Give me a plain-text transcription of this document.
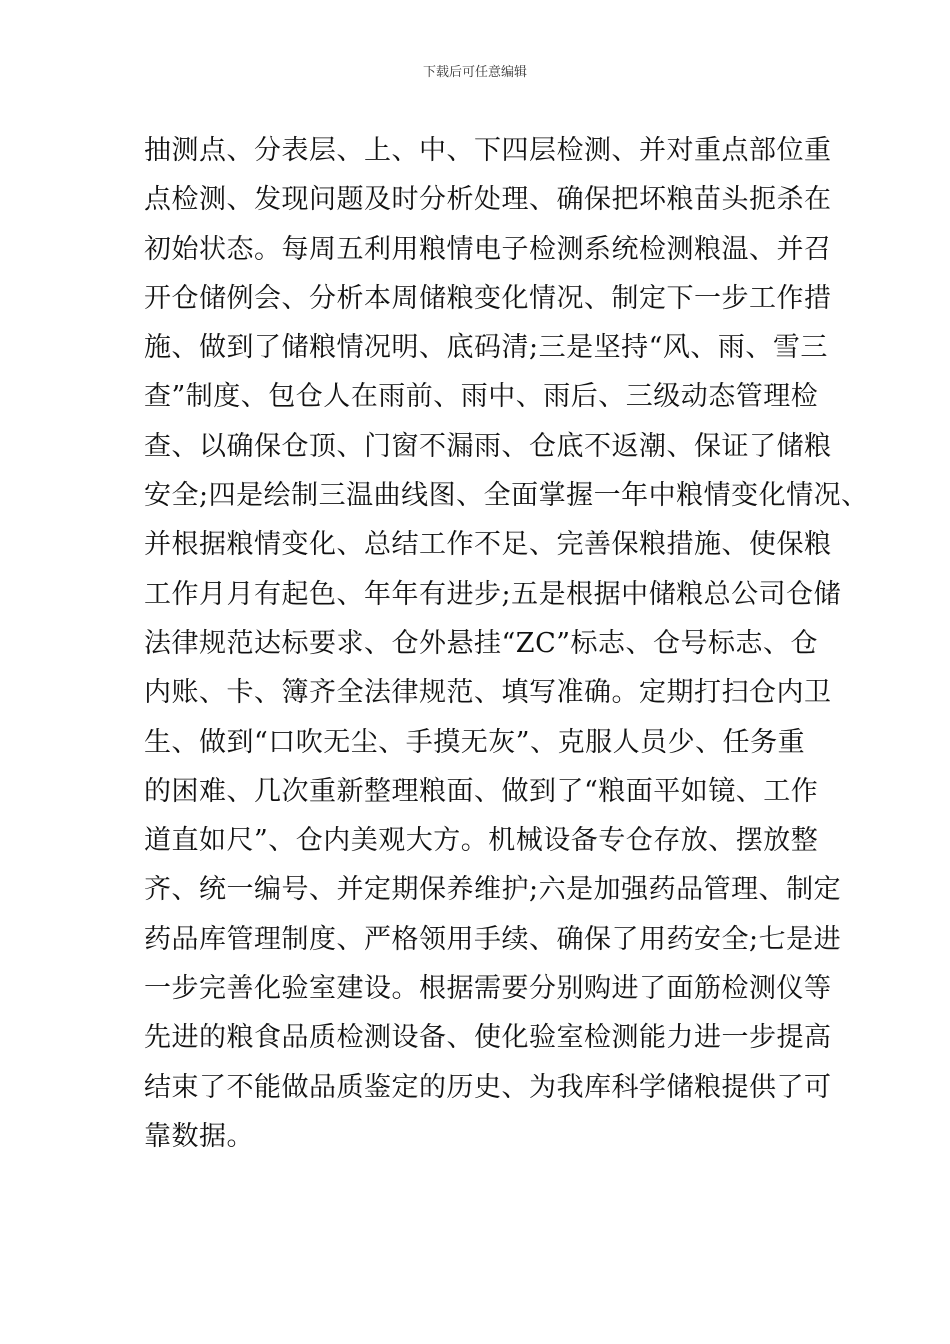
下载后可任意编辑
抽测点、分表层、上、中、下四层检测、并对重点部位重
点检测、发现问题及时分析处理、确保把坏粮苗头扼杀在
初始状态。每周五利用粮情电子检测系统检测粮温、并召
开仓储例会、分析本周储粮变化情况、制定下一步工作措
施、做到了储粮情况明、底码清;三是坚持“风、雨、雪三
查”制度、包仓人在雨前、雨中、雨后、三级动态管理检
查、以确保仓顶、门窗不漏雨、仓底不返潮、保证了储粮
安全;四是绘制三温曲线图、全面掌握一年中粮情变化情况、
并根据粮情变化、总结工作不足、完善保粮措施、使保粮
工作月月有起色、年年有进步;五是根据中储粮总公司仓储
法律规范达标要求、仓外悬挂“ZC”标志、仓号标志、仓
内账、卡、簿齐全法律规范、填写准确。定期打扫仓内卫
生、做到“口吹无尘、手摸无灰”、克服人员少、任务重
的困难、几次重新整理粮面、做到了“粮面平如镜、工作
道直如尺”、仓内美观大方。机械设备专仓存放、摆放整
齐、统一编号、并定期保养维护;六是加强药品管理、制定
药品库管理制度、严格领用手续、确保了用药安全;七是进
一步完善化验室建设。根据需要分别购进了面筋检测仪等
先进的粮食品质检测设备、使化验室检测能力进一步提高
结束了不能做品质鉴定的历史、为我库科学储粮提供了可
靠数据。
